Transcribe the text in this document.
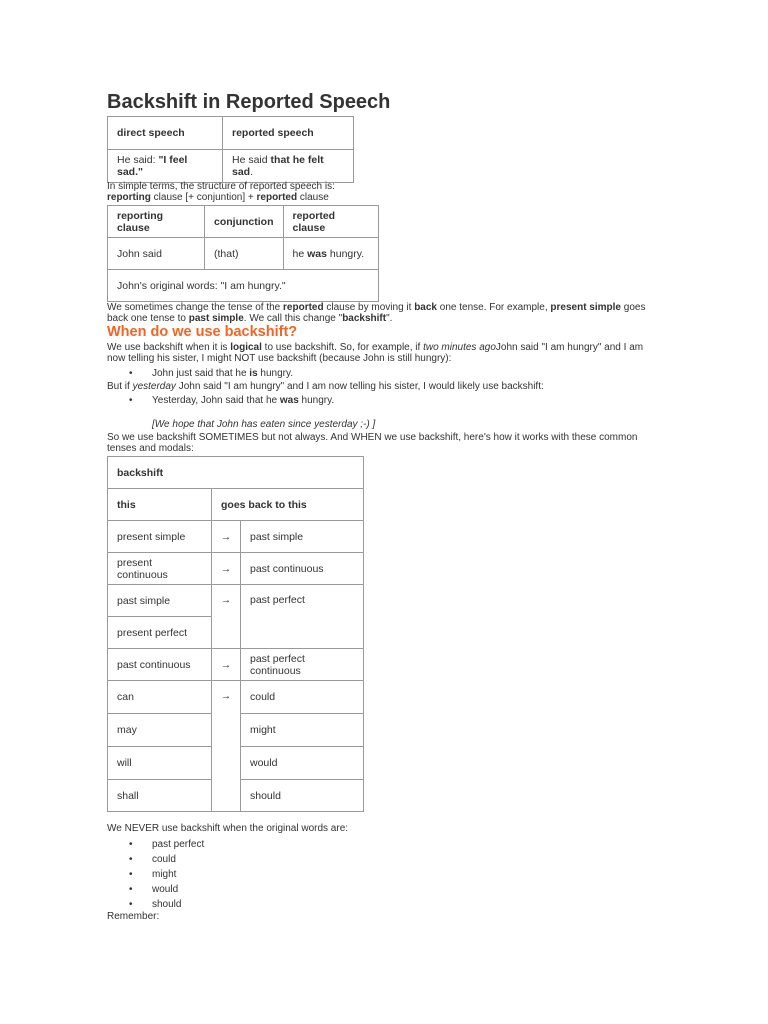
Backshift in Reported Speech
direct speech	reported speech
He said: "I feel sad."	He said that he felt sad.

In simple terms, the structure of reported speech is:

reporting clause [+ conjuntion] + reported clause

reporting clause	conjunction	reported clause
John said	(that)	he was hungry.
John's original words: "I am hungry."		

We sometimes change the tense of the reported clause by moving it back one tense. For example, present simple goes

back one tense to past simple. We call this change "backshift".

When do we use backshift?

We use backshift when it is logical to use backshift. So, for example, if two minutes agoJohn said "I am hungry" and I am

now telling his sister, I might NOT use backshift (because John is still hungry):

• John just said that he is hungry.

But if yesterday John said "I am hungry" and I am now telling his sister, I would likely use backshift:

• Yesterday, John said that he was hungry.

[We hope that John has eaten since yesterday ;-) ]

So we use backshift SOMETIMES but not always. And WHEN we use backshift, here's how it works with these common

tenses and modals:

backshift		
this	goes back to this	
present simple	→	past simple
present continuous	→	past continuous
past simple	→	past perfect
present perfect		
past continuous	→	past perfect continuous
can	→	could
may		might
will		would
shall		should

We NEVER use backshift when the original words are:

• past perfect
• could
• might
• would
• should

Remember:
